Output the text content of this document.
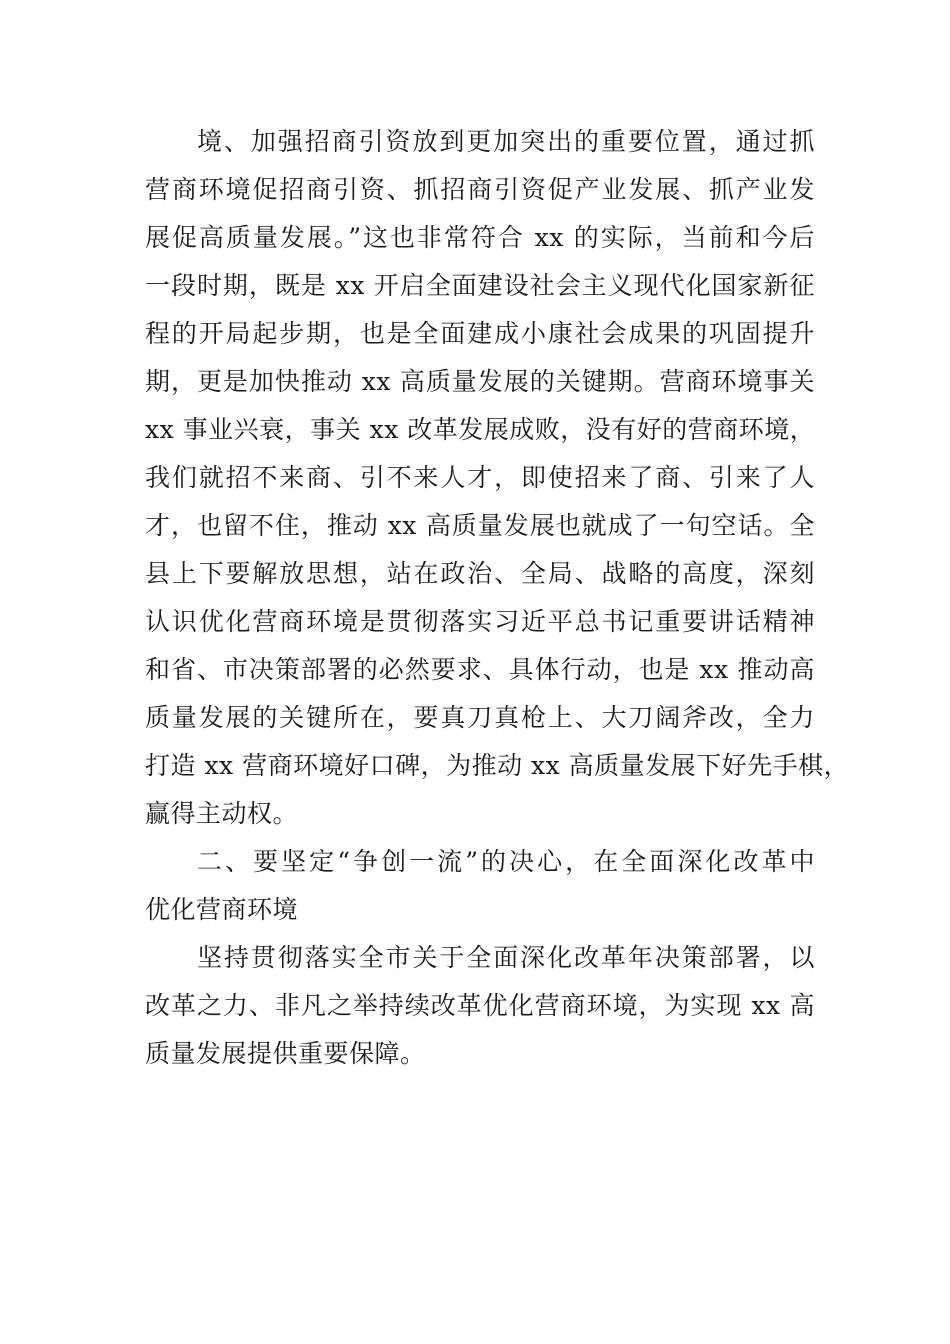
境、加强招商引资放到更加突出的重要位置，通过抓
营商环境促招商引资、抓招商引资促产业发展、抓产业发
展促高质量发展。”这也非常符合 xx 的实际，当前和今后
一段时期，既是 xx 开启全面建设社会主义现代化国家新征
程的开局起步期，也是全面建成小康社会成果的巩固提升
期，更是加快推动 xx 高质量发展的关键期。营商环境事关
xx 事业兴衰，事关 xx 改革发展成败，没有好的营商环境，
我们就招不来商、引不来人才，即使招来了商、引来了人
才，也留不住，推动 xx 高质量发展也就成了一句空话。全
县上下要解放思想，站在政治、全局、战略的高度，深刻
认识优化营商环境是贯彻落实习近平总书记重要讲话精神
和省、市决策部署的必然要求、具体行动，也是 xx 推动高
质量发展的关键所在，要真刀真枪上、大刀阔斧改，全力
打造 xx 营商环境好口碑，为推动 xx 高质量发展下好先手棋，
赢得主动权。
二、要坚定“争创一流”的决心，在全面深化改革中
优化营商环境
坚持贯彻落实全市关于全面深化改革年决策部署，以
改革之力、非凡之举持续改革优化营商环境，为实现 xx 高
质量发展提供重要保障。
